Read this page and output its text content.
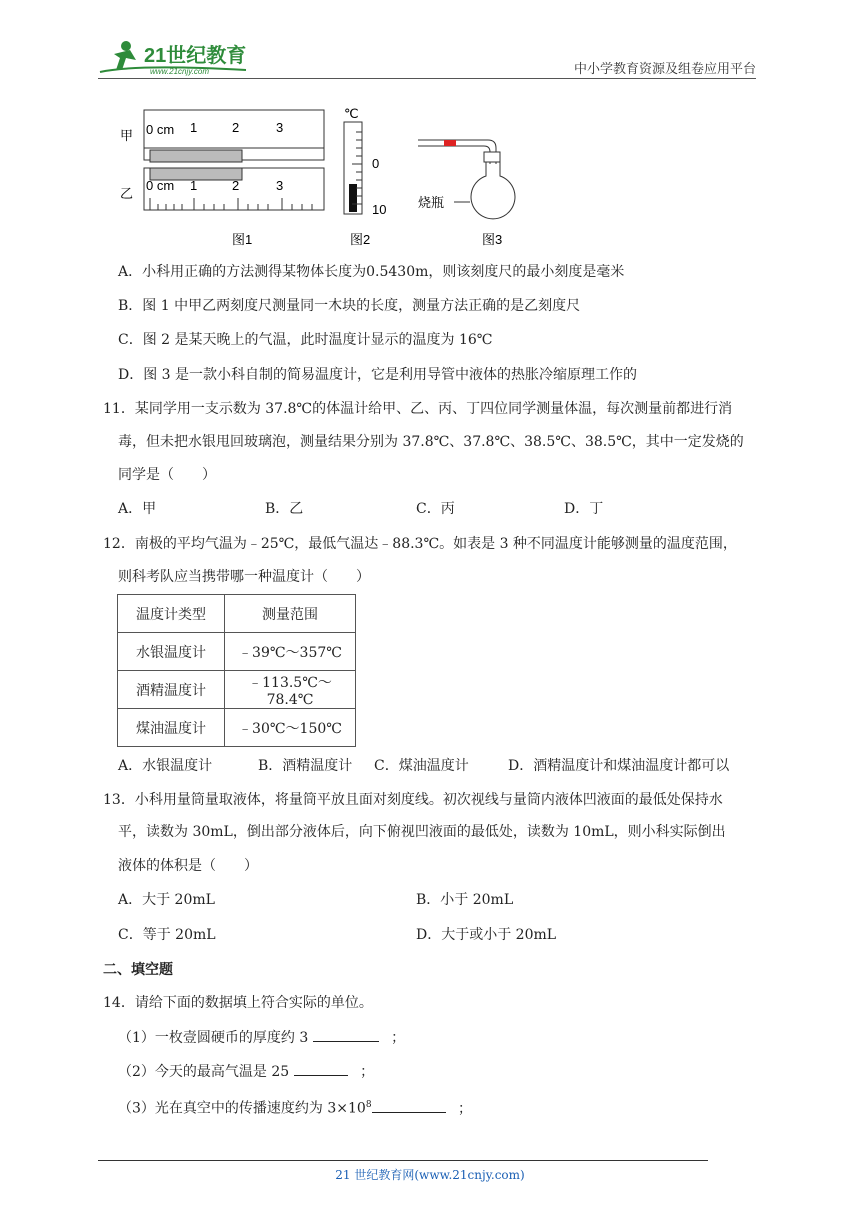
21世纪教育
www.21cnjy.com	中小学教育资源及组卷应用平台
甲 0 cm 1	2	3
乙
0 cm 1	2	3
图1
℃
0
10
图2
烧瓶
图3
A．小科用正确的方法测得某物体长度为0.5430m，则该刻度尺的最小刻度是毫米
B．图 1 中甲乙两刻度尺测量同一木块的长度，测量方法正确的是乙刻度尺
C．图 2 是某天晚上的气温，此时温度计显示的温度为 16℃
D．图 3 是一款小科自制的简易温度计，它是利用导管中液体的热胀冷缩原理工作的
11．某同学用一支示数为 37.8℃的体温计给甲、乙、丙、丁四位同学测量体温，每次测量前都进行消
毒，但未把水银甩回玻璃泡，测量结果分别为 37.8℃、37.8℃、38.5℃、38.5℃，其中一定发烧的
同学是（　　）
A．甲	B．乙	C．丙	D．丁
12．南极的平均气温为﹣25℃，最低气温达﹣88.3℃。如表是 3 种不同温度计能够测量的温度范围，
则科考队应当携带哪一种温度计（　　）
温度计类型	测量范围
水银温度计	﹣39℃～357℃
酒精温度计	﹣113.5℃～78.4℃
煤油温度计	﹣30℃～150℃
A．水银温度计	B．酒精温度计 C．煤油温度计	D．酒精温度计和煤油温度计都可以
13．小科用量筒量取液体，将量筒平放且面对刻度线。初次视线与量筒内液体凹液面的最低处保持水
平，读数为 30mL，倒出部分液体后，向下俯视凹液面的最低处，读数为 10mL，则小科实际倒出
液体的体积是（　　）
A．大于 20mL	B．小于 20mL
C．等于 20mL	D．大于或小于 20mL
二、填空题
14．请给下面的数据填上符合实际的单位。
（1）一枚壹圆硬币的厚度约 3	；
（2）今天的最高气温是 25	；
（3）光在真空中的传播速度约为 $3\times 10^8$	；
21 世纪教育网(www.21cnjy.com)
